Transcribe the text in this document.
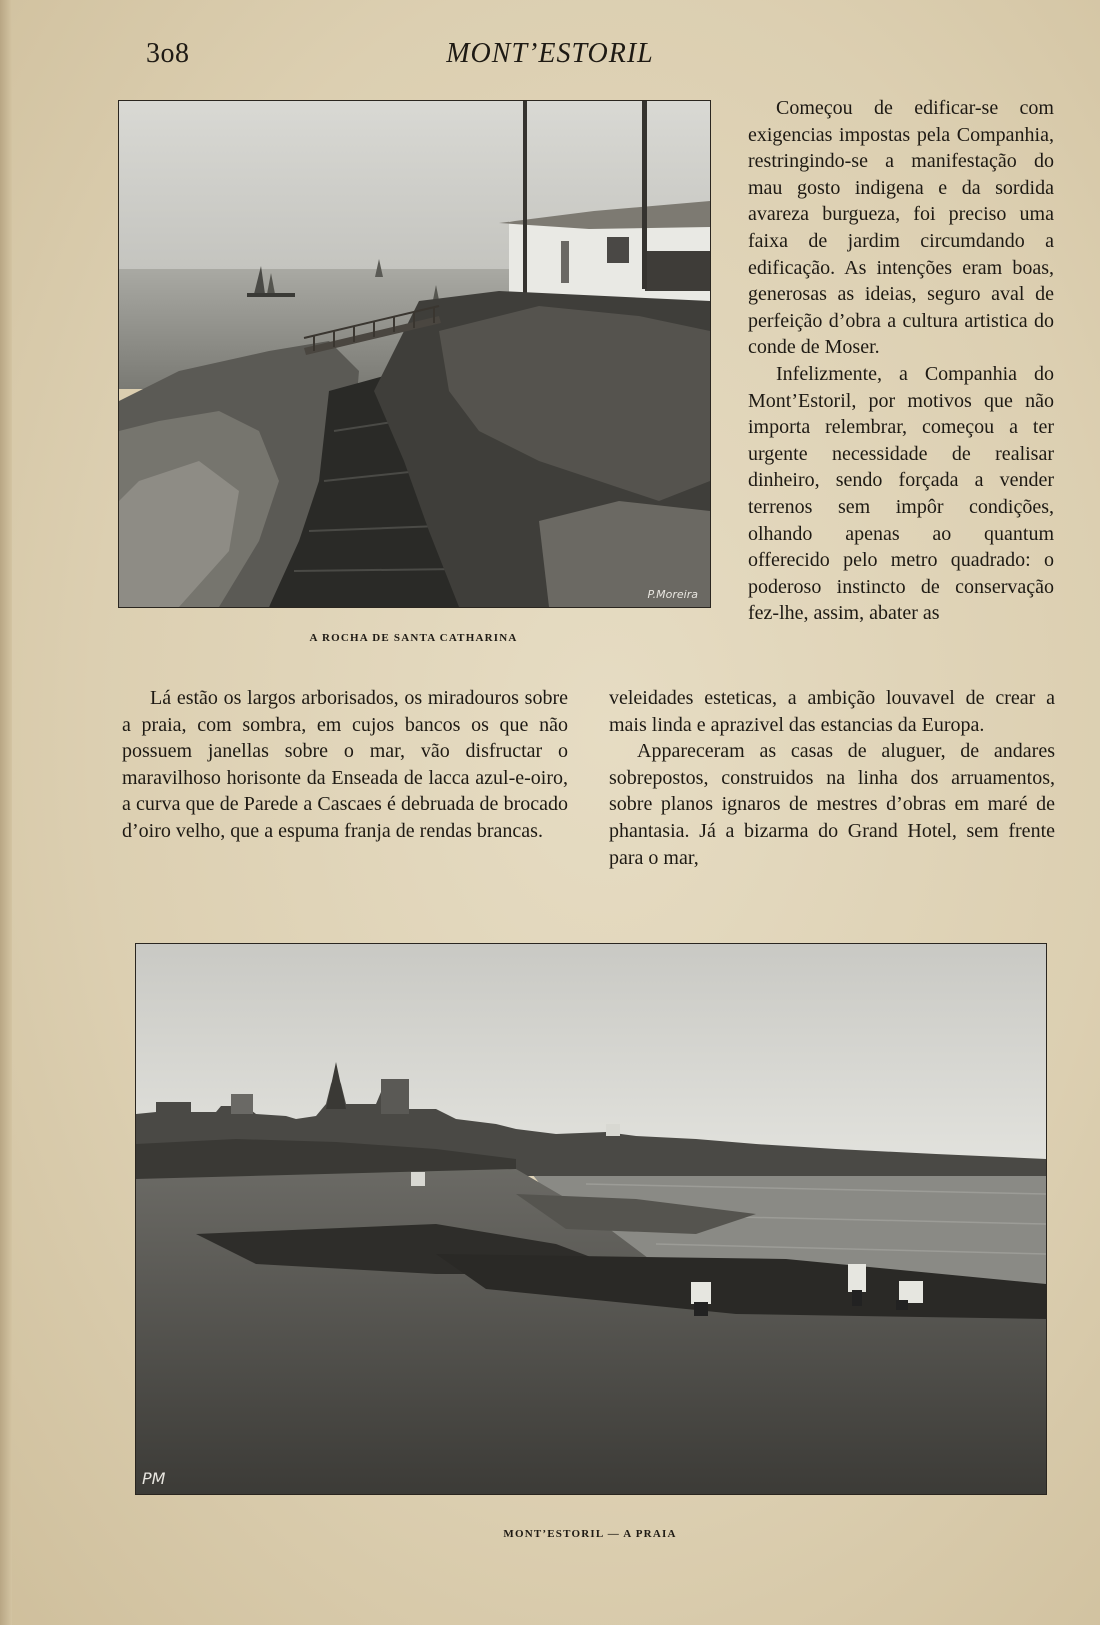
3o8	MONT’ESTORIL
P.Moreira
A ROCHA DE SANTA CATHARINA

Começou de edificar-se com exigencias impostas pela Companhia, restringindo-se a manifestação do mau gosto indigena e da sordida avareza burgueza, foi preciso uma faixa de jardim circumdando a edificação. As intenções eram boas, generosas as ideias, seguro aval de perfeição d’obra a cultura artistica do conde de Moser.

Infelizmente, a Companhia do Mont’Estoril, por motivos que não importa relembrar, começou a ter urgente necessidade de realisar dinheiro, sendo forçada a vender terrenos sem impôr condições, olhando apenas ao quantum offerecido pelo metro quadrado: o poderoso instincto de conservação fez-lhe, assim, abater as

Lá estão os largos arborisados, os miradouros sobre a praia, com sombra, em cujos bancos os que não possuem janellas sobre o mar, vão disfructar o maravilhoso horisonte da Enseada de lacca azul-e-oiro, a curva que de Parede a Cascaes é debruada de brocado d’oiro velho, que a espuma franja de rendas brancas.

veleidades esteticas, a ambição louvavel de crear a mais linda e aprazivel das estancias da Europa.

Appareceram as casas de aluguer, de andares sobrepostos, construidos na linha dos arruamentos, sobre planos ignaros de mestres d’obras em maré de phantasia. Já a bizarma do Grand Hotel, sem frente para o mar,

PM
MONT’ESTORIL — A PRAIA
